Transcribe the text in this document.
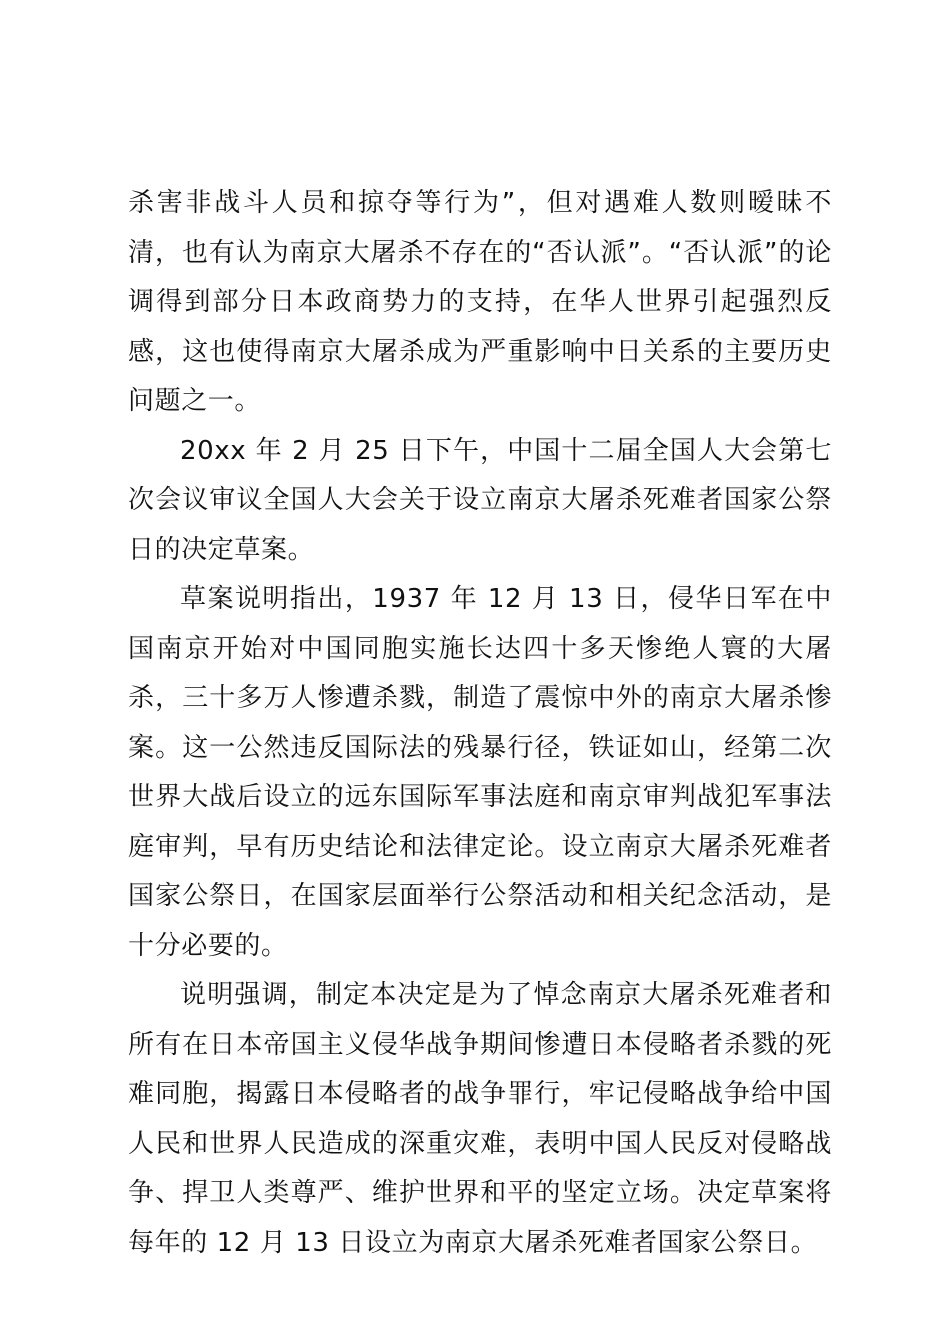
杀害非战斗人员和掠夺等行为”，但对遇难人数则暧昧不清，也有认为南京大屠杀不存在的“否认派”。“否认派”的论调得到部分日本政商势力的支持，在华人世界引起强烈反感，这也使得南京大屠杀成为严重影响中日关系的主要历史问题之一。

20xx 年 2 月 25 日下午，中国十二届全国人大会第七次会议审议全国人大会关于设立南京大屠杀死难者国家公祭日的决定草案。

草案说明指出，1937 年 12 月 13 日，侵华日军在中国南京开始对中国同胞实施长达四十多天惨绝人寰的大屠杀，三十多万人惨遭杀戮，制造了震惊中外的南京大屠杀惨案。这一公然违反国际法的残暴行径，铁证如山，经第二次世界大战后设立的远东国际军事法庭和南京审判战犯军事法庭审判，早有历史结论和法律定论。设立南京大屠杀死难者国家公祭日，在国家层面举行公祭活动和相关纪念活动，是十分必要的。

说明强调，制定本决定是为了悼念南京大屠杀死难者和所有在日本帝国主义侵华战争期间惨遭日本侵略者杀戮的死难同胞，揭露日本侵略者的战争罪行，牢记侵略战争给中国人民和世界人民造成的深重灾难，表明中国人民反对侵略战争、捍卫人类尊严、维护世界和平的坚定立场。决定草案将每年的 12 月 13 日设立为南京大屠杀死难者国家公祭日。
